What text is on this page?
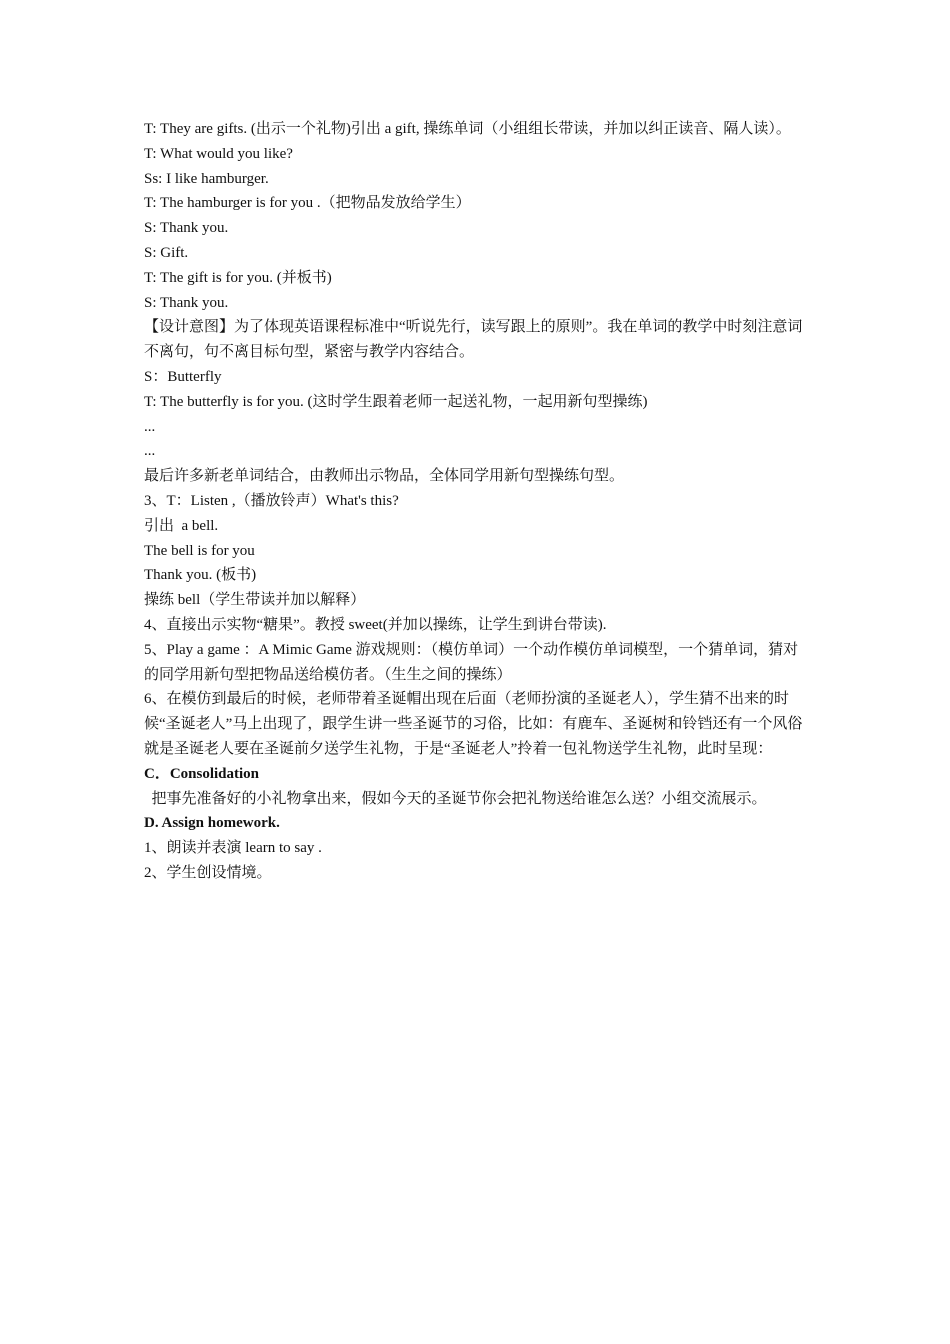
T: They are gifts. (出示一个礼物)引出 a gift, 操练单词（小组组长带读，并加以纠正读音、隔人读）。
T: What would you like?
Ss: I like hamburger.
T: The hamburger is for you .（把物品发放给学生）
S: Thank you.
S: Gift.
T: The gift is for you. (并板书)
S: Thank you.
【设计意图】为了体现英语课程标准中“听说先行，读写跟上的原则”。我在单词的教学中时刻注意词不离句，句不离目标句型，紧密与教学内容结合。
S：Butterfly
T: The butterfly is for you. (这时学生跟着老师一起送礼物，一起用新句型操练)
...
...
最后许多新老单词结合，由教师出示物品，全体同学用新句型操练句型。
3、T：Listen ,（播放铃声）What's this?
引出  a bell.
The bell is for you
Thank you. (板书)
操练 bell（学生带读并加以解释）
4、直接出示实物“糖果”。教授 sweet(并加以操练，让学生到讲台带读).
5、Play a game ：A Mimic Game 游戏规则：（模仿单词）一个动作模仿单词模型，一个猜单词，猜对的同学用新句型把物品送给模仿者。（生生之间的操练）
6、在模仿到最后的时候，老师带着圣诞帽出现在后面（老师扮演的圣诞老人），学生猜不出来的时候“圣诞老人”马上出现了，跟学生讲一些圣诞节的习俗，比如：有鹿车、圣诞树和铃铛还有一个风俗就是圣诞老人要在圣诞前夕送学生礼物，于是“圣诞老人”拎着一包礼物送学生礼物，此时呈现：
C．Consolidation
把事先准备好的小礼物拿出来，假如今天的圣诞节你会把礼物送给谁怎么送？小组交流展示。
D. Assign homework.
1、朗读并表演 learn to say .
2、学生创设情境。
